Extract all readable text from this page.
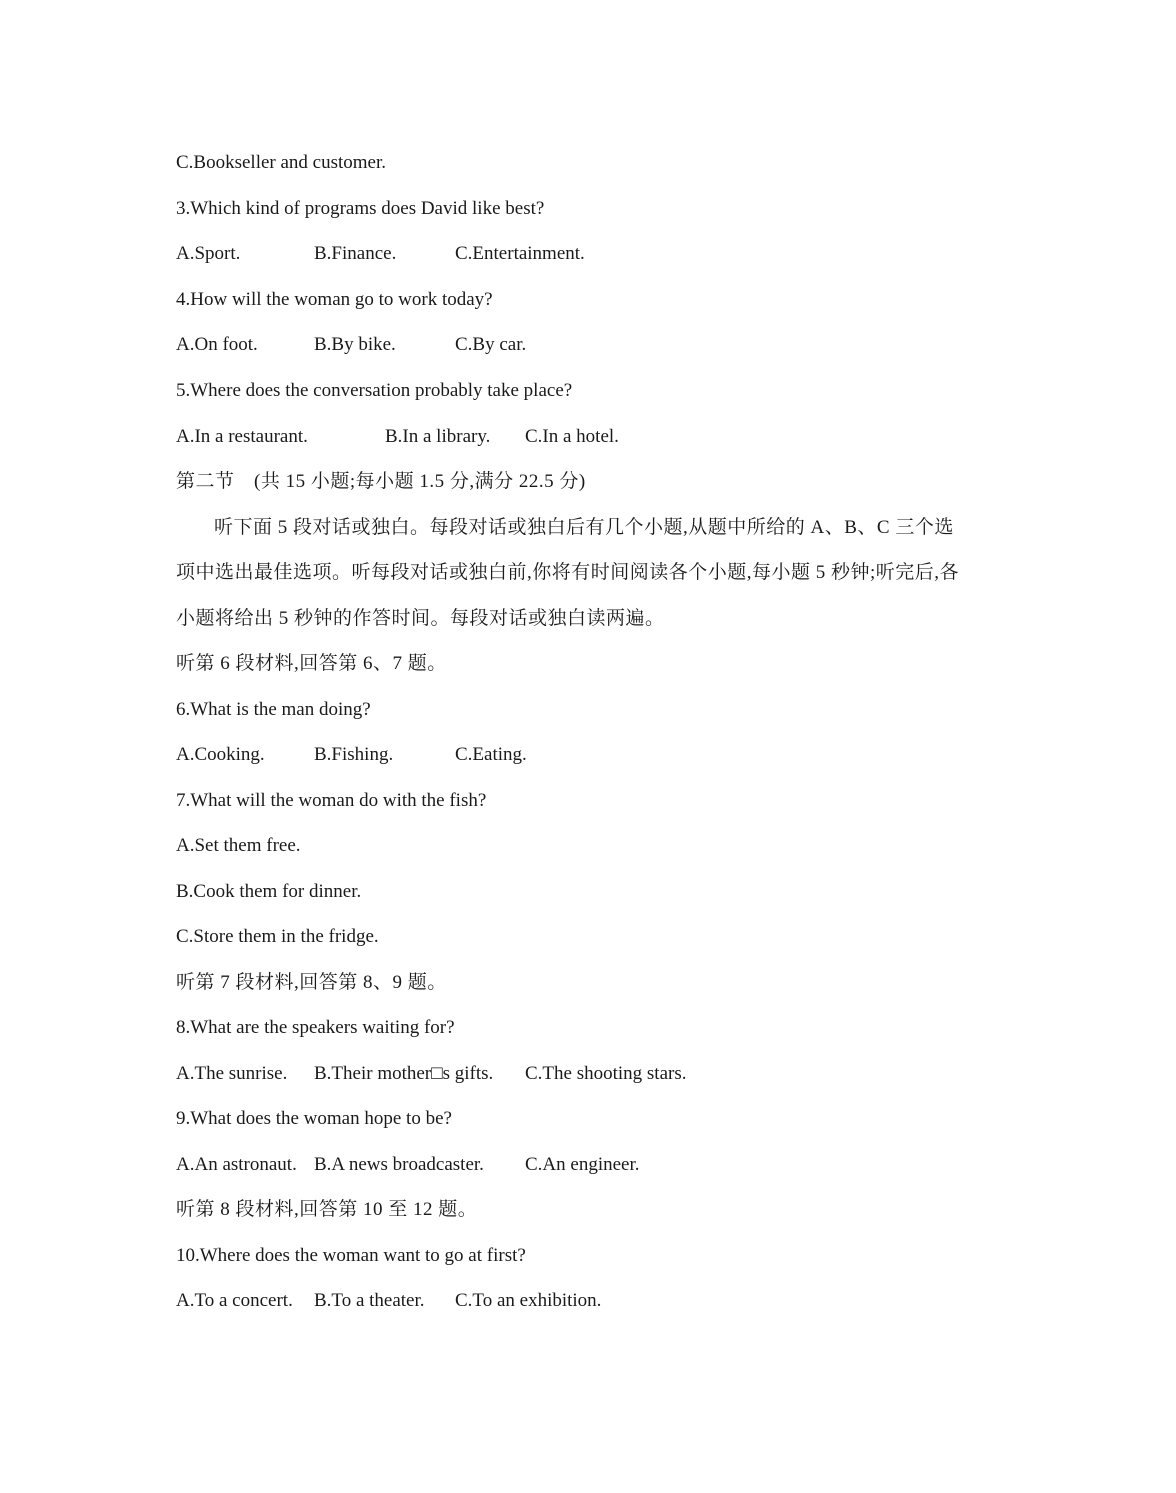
C.Bookseller and customer.
3.Which kind of programs does David like best?
A.Sport.	B.Finance.	C.Entertainment.
4.How will the woman go to work today?
A.On foot.	B.By bike.	C.By car.
5.Where does the conversation probably take place?
A.In a restaurant.	B.In a library. C.In a hotel.
第二节　(共 15 小题;每小题 1.5 分,满分 22.5 分)
听下面 5 段对话或独白。每段对话或独白后有几个小题,从题中所给的 A、B、C 三个选
项中选出最佳选项。听每段对话或独白前,你将有时间阅读各个小题,每小题 5 秒钟;听完后,各
小题将给出 5 秒钟的作答时间。每段对话或独白读两遍。
听第 6 段材料,回答第 6、7 题。
6.What is the man doing?
A.Cooking.	B.Fishing.	C.Eating.
7.What will the woman do with the fish?
A.Set them free.
B.Cook them for dinner.
C.Store them in the fridge.
听第 7 段材料,回答第 8、9 题。
8.What are the speakers waiting for?
A.The sunrise. B.Their mother□s gifts. C.The shooting stars.
9.What does the woman hope to be?
A.An astronaut. B.A news broadcaster. C.An engineer.
听第 8 段材料,回答第 10 至 12 题。
10.Where does the woman want to go at first?
A.To a concert. B.To a theater. C.To an exhibition.
